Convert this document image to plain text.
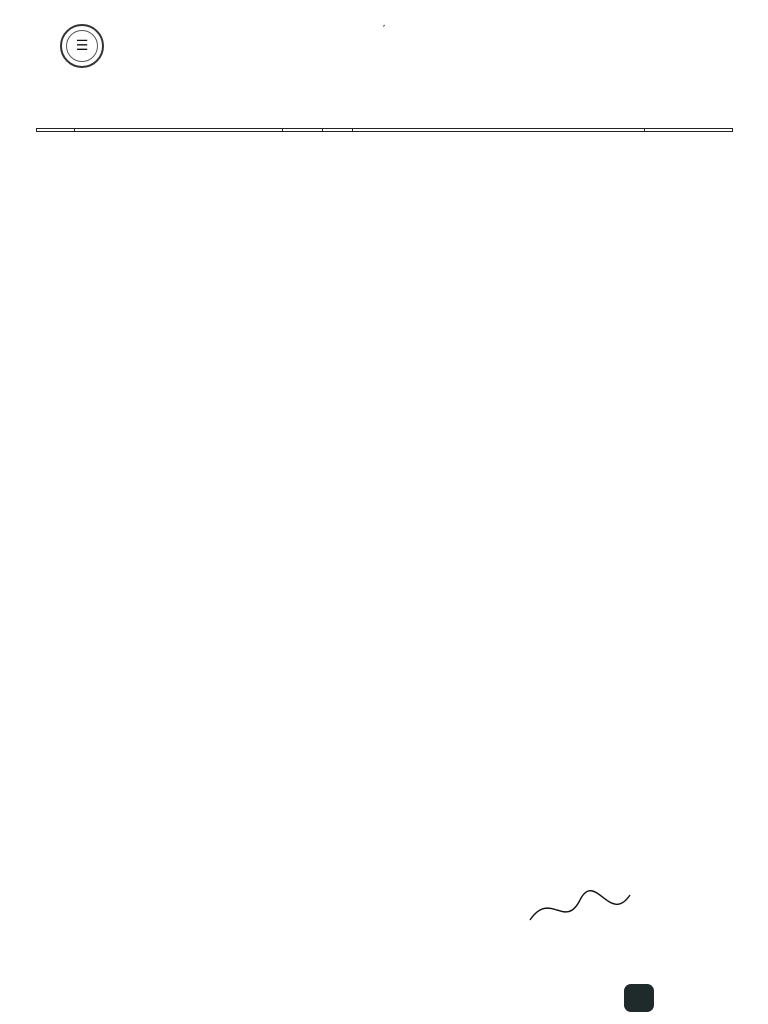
☰
,
